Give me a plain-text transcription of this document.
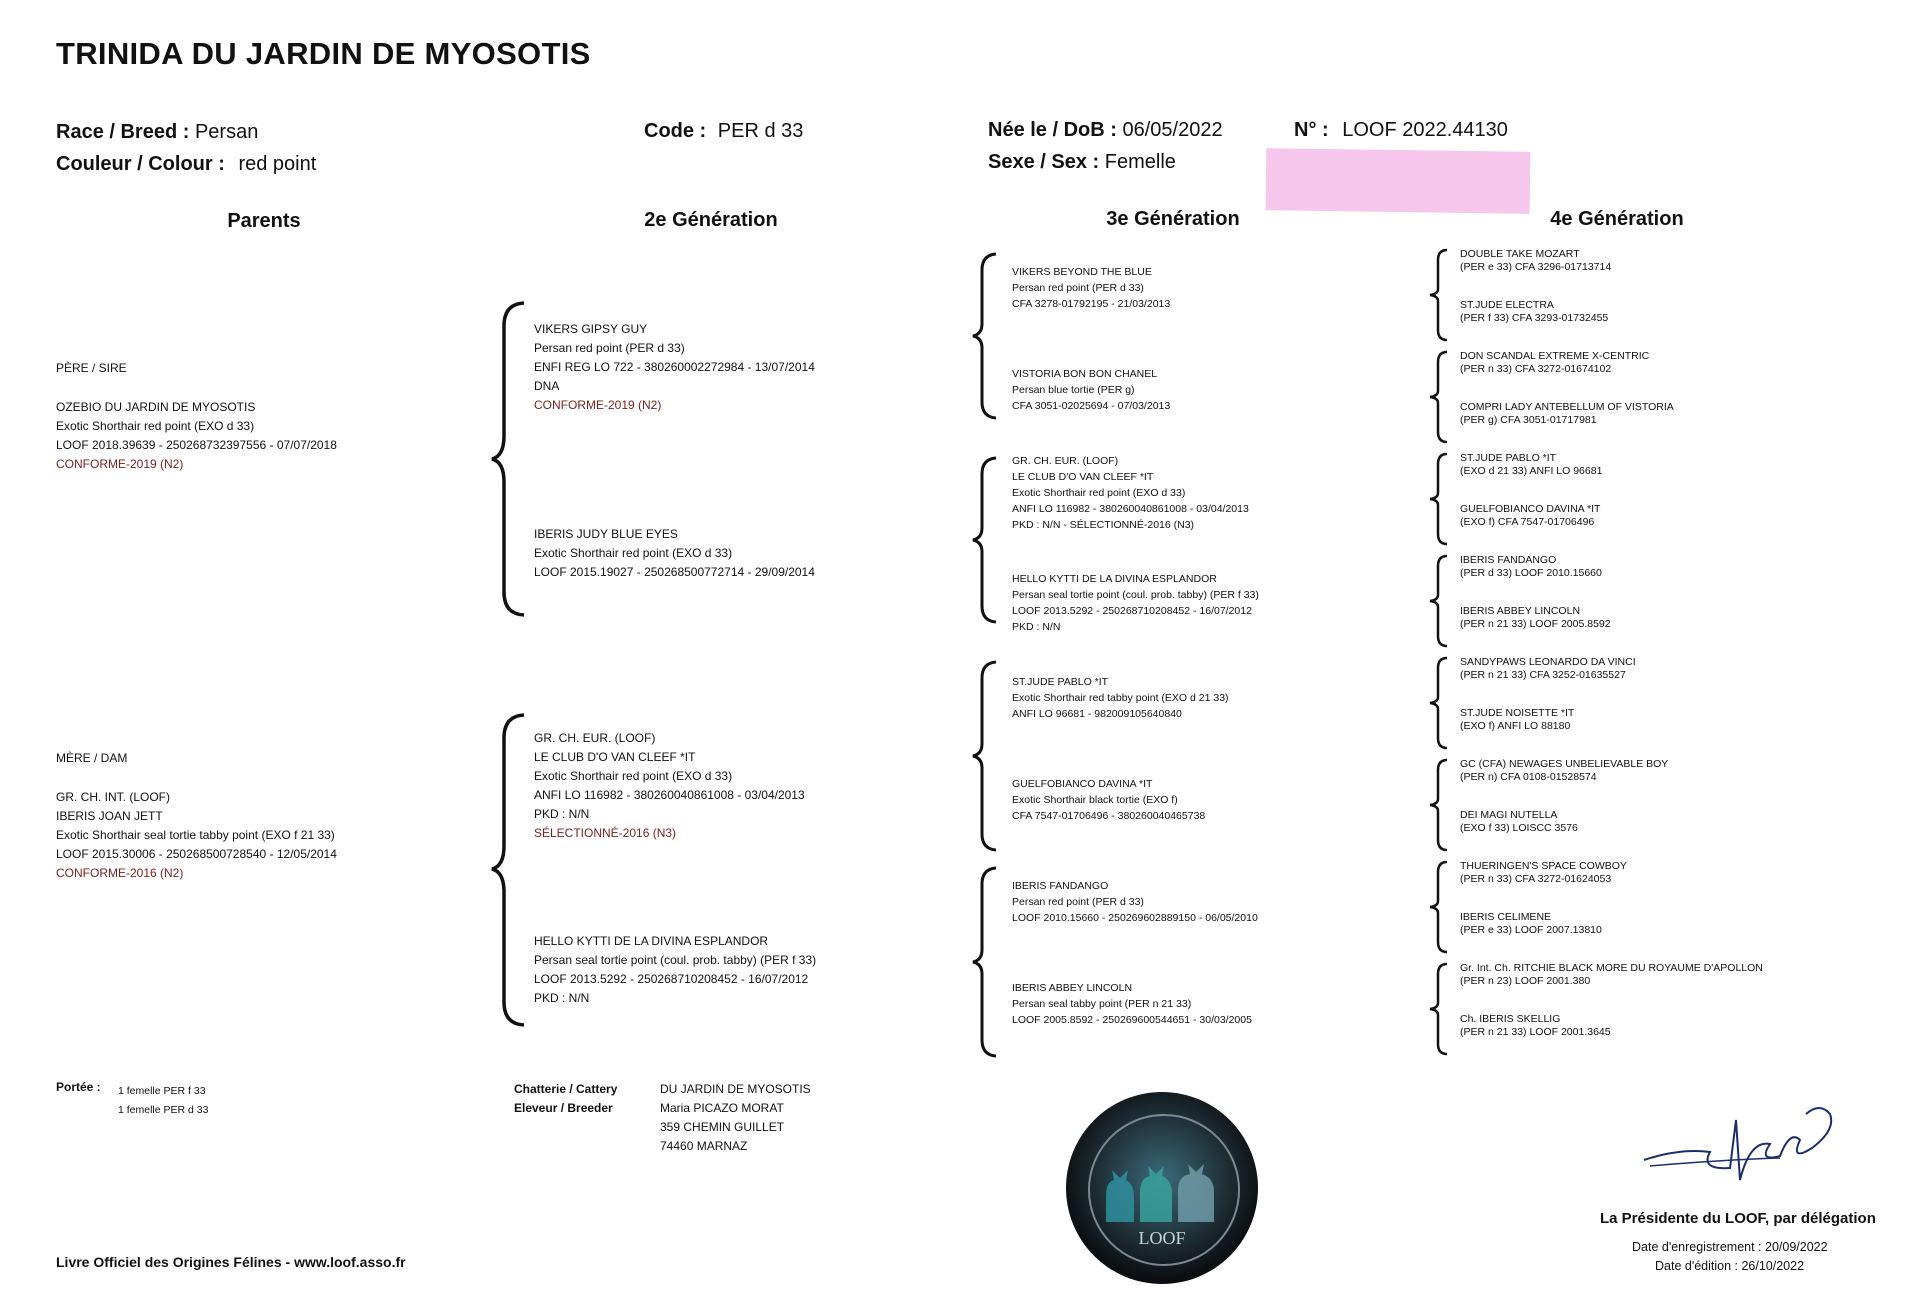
TRINIDA DU JARDIN DE MYOSOTIS
Race / Breed : Persan
Couleur / Colour : red point
Code : PER d 33	Née le / DoB : 06/05/2022
Sexe / Sex : Femelle
N° : LOOF 2022.44130
Parents	2e Génération	3e Génération	4e Génération
PÈRE / SIRE
OZEBIO DU JARDIN DE MYOSOTIS
Exotic Shorthair red point (EXO d 33)
LOOF 2018.39639 - 250268732397556 - 07/07/2018
CONFORME-2019 (N2)
MÈRE / DAM
GR. CH. INT. (LOOF)
IBERIS JOAN JETT
Exotic Shorthair seal tortie tabby point (EXO f 21 33)
LOOF 2015.30006 - 250268500728540 - 12/05/2014
CONFORME-2016 (N2)
VIKERS GIPSY GUY
Persan red point (PER d 33)
ENFI REG LO 722 - 380260002272984 - 13/07/2014
DNA
CONFORME-2019 (N2)
IBERIS JUDY BLUE EYES
Exotic Shorthair red point (EXO d 33)
LOOF 2015.19027 - 250268500772714 - 29/09/2014
GR. CH. EUR. (LOOF)
LE CLUB D'O VAN CLEEF *IT
Exotic Shorthair red point (EXO d 33)
ANFI LO 116982 - 380260040861008 - 03/04/2013
PKD : N/N
SÉLECTIONNÉ-2016 (N3)
HELLO KYTTI DE LA DIVINA ESPLANDOR
Persan seal tortie point (coul. prob. tabby) (PER f 33)
LOOF 2013.5292 - 250268710208452 - 16/07/2012
PKD : N/N
VIKERS BEYOND THE BLUE
Persan red point (PER d 33)
CFA 3278-01792195 - 21/03/2013
VISTORIA BON BON CHANEL
Persan blue tortie (PER g)
CFA 3051-02025694 - 07/03/2013
GR. CH. EUR. (LOOF)
LE CLUB D'O VAN CLEEF *IT
Exotic Shorthair red point (EXO d 33)
ANFI LO 116982 - 380260040861008 - 03/04/2013
PKD : N/N - SÉLECTIONNÉ-2016 (N3)
HELLO KYTTI DE LA DIVINA ESPLANDOR
Persan seal tortie point (coul. prob. tabby) (PER f 33)
LOOF 2013.5292 - 250268710208452 - 16/07/2012
PKD : N/N
ST.JUDE PABLO *IT
Exotic Shorthair red tabby point (EXO d 21 33)
ANFI LO 96681 - 982009105640840
GUELFOBIANCO DAVINA *IT
Exotic Shorthair black tortie (EXO f)
CFA 7547-01706496 - 380260040465738
IBERIS FANDANGO
Persan red point (PER d 33)
LOOF 2010.15660 - 250269602889150 - 06/05/2010
IBERIS ABBEY LINCOLN
Persan seal tabby point (PER n 21 33)
LOOF 2005.8592 - 250269600544651 - 30/03/2005
DOUBLE TAKE MOZART
(PER e 33) CFA 3296-01713714
ST.JUDE ELECTRA
(PER f 33) CFA 3293-01732455
DON SCANDAL EXTREME X-CENTRIC
(PER n 33) CFA 3272-01674102
COMPRI LADY ANTEBELLUM OF VISTORIA
(PER g) CFA 3051-01717981
ST.JUDE PABLO *IT
(EXO d 21 33) ANFI LO 96681
GUELFOBIANCO DAVINA *IT
(EXO f) CFA 7547-01706496
IBERIS FANDANGO
(PER d 33) LOOF 2010.15660
IBERIS ABBEY LINCOLN
(PER n 21 33) LOOF 2005.8592
SANDYPAWS LEONARDO DA VINCI
(PER n 21 33) CFA 3252-01635527
ST.JUDE NOISETTE *IT
(EXO f) ANFI LO 88180
GC (CFA) NEWAGES UNBELIEVABLE BOY
(PER n) CFA 0108-01528574
DEI MAGI NUTELLA
(EXO f 33) LOISCC 3576
THUERINGEN'S SPACE COWBOY
(PER n 33) CFA 3272-01624053
IBERIS CELIMENE
(PER e 33) LOOF 2007.13810
Gr. Int. Ch. RITCHIE BLACK MORE DU ROYAUME D'APOLLON
(PER n 23) LOOF 2001.380
Ch. IBERIS SKELLIG
(PER n 21 33) LOOF 2001.3645
Portée : 1 femelle PER f 33
1 femelle PER d 33
Chatterie / Cattery
Eleveur / Breeder
DU JARDIN DE MYOSOTIS
Maria PICAZO MORAT
359 CHEMIN GUILLET
74460 MARNAZ
LOOF
Livre Officiel des Origines Félines - www.loof.asso.fr
La Présidente du LOOF, par délégation
Date d'enregistrement : 20/09/2022
Date d'édition : 26/10/2022
